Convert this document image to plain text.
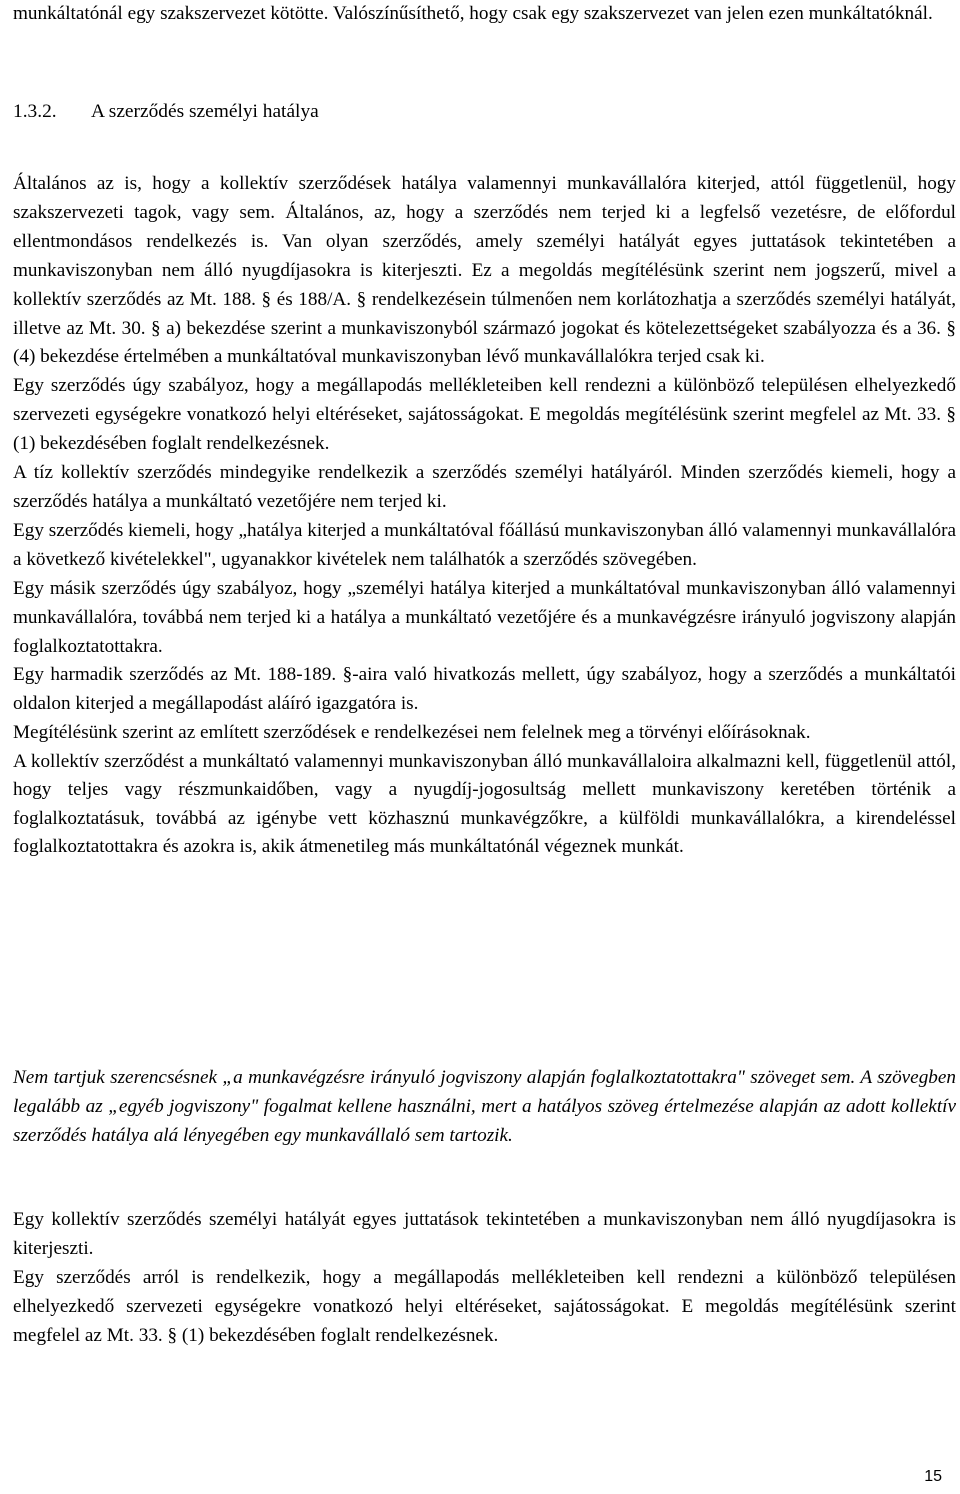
munkáltatónál egy szakszervezet kötötte. Valószínűsíthető, hogy csak egy szakszervezet van jelen ezen munkáltatóknál.

1.3.2. A szerződés személyi hatálya

Általános az is, hogy a kollektív szerződések hatálya valamennyi munkavállalóra kiterjed, attól függetlenül, hogy szakszervezeti tagok, vagy sem. Általános, az, hogy a szerződés nem terjed ki a legfelső vezetésre, de előfordul ellentmondásos rendelkezés is. Van olyan szerződés, amely személyi hatályát egyes juttatások tekintetében a munkaviszonyban nem álló nyugdíjasokra is kiterjeszti. Ez a megoldás megítélésünk szerint nem jogszerű, mivel a kollektív szerződés az Mt. 188. § és 188/A. § rendelkezésein túlmenően nem korlátozhatja a szerződés személyi hatályát, illetve az Mt. 30. § a) bekezdése szerint a munkaviszonyból származó jogokat és kötelezettségeket szabályozza és a 36. § (4) bekezdése értelmében a munkáltatóval munkaviszonyban lévő munkavállalókra terjed csak ki.

Egy szerződés úgy szabályoz, hogy a megállapodás mellékleteiben kell rendezni a különböző településen elhelyezkedő szervezeti egységekre vonatkozó helyi eltéréseket, sajátosságokat. E megoldás megítélésünk szerint megfelel az Mt. 33. § (1) bekezdésében foglalt rendelkezésnek.

A tíz kollektív szerződés mindegyike rendelkezik a szerződés személyi hatályáról. Minden szerződés kiemeli, hogy a szerződés hatálya a munkáltató vezetőjére nem terjed ki.

Egy szerződés kiemeli, hogy „hatálya kiterjed a munkáltatóval főállású munkaviszonyban álló valamennyi munkavállalóra a következő kivételekkel", ugyanakkor kivételek nem találhatók a szerződés szövegében.

Egy másik szerződés úgy szabályoz, hogy „személyi hatálya kiterjed a munkáltatóval munkaviszonyban álló valamennyi munkavállalóra, továbbá nem terjed ki a hatálya a munkáltató vezetőjére és a munkavégzésre irányuló jogviszony alapján foglalkoztatottakra.

Egy harmadik szerződés az Mt. 188-189. §-aira való hivatkozás mellett, úgy szabályoz, hogy a szerződés a munkáltatói oldalon kiterjed a megállapodást aláíró igazgatóra is.

Megítélésünk szerint az említett szerződések e rendelkezései nem felelnek meg a törvényi előírásoknak.

A kollektív szerződést a munkáltató valamennyi munkaviszonyban álló munkavállaloira alkalmazni kell, függetlenül attól, hogy teljes vagy részmunkaidőben, vagy a nyugdíj-jogosultság mellett munkaviszony keretében történik a foglalkoztatásuk, továbbá az igénybe vett közhasznú munkavégzőkre, a külföldi munkavállalókra, a kirendeléssel foglalkoztatottakra és azokra is, akik átmenetileg más munkáltatónál végeznek munkát.

Nem tartjuk szerencsésnek „a munkavégzésre irányuló jogviszony alapján foglalkoztatottakra" szöveget sem. A szövegben legalább az „egyéb jogviszony" fogalmat kellene használni, mert a hatályos szöveg értelmezése alapján az adott kollektív szerződés hatálya alá lényegében egy munkavállaló sem tartozik.

Egy kollektív szerződés személyi hatályát egyes juttatások tekintetében a munkaviszonyban nem álló nyugdíjasokra is kiterjeszti.

Egy szerződés arról is rendelkezik, hogy a megállapodás mellékleteiben kell rendezni a különböző településen elhelyezkedő szervezeti egységekre vonatkozó helyi eltéréseket, sajátosságokat. E megoldás megítélésünk szerint megfelel az Mt. 33. § (1) bekezdésében foglalt rendelkezésnek.

15
